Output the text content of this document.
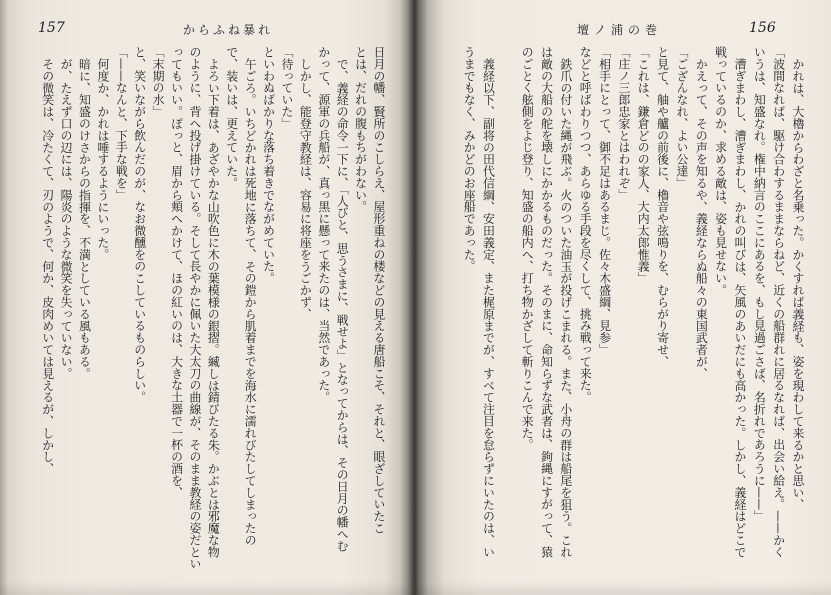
157	からふね暴れ
日月の幡、賢所のこしらえ、屋形重ねの楼などの見える唐船こそ、それと、眼ざしていたこ
とは、だれの腹もちがわない。
で、義経の命令一下に、「人びと、思うさまに、戦せよ」となってからは、その日月の幡へむ
かって、源軍の兵船が、真っ黒に懸って来たのは、当然であった。
しかし、能登守教経は、容易に将座をうごかず、
「待っていた」
といわぬばかりな落ち着きでながめていた。
午ごろ。いちどかれは死地に落ちて、その鎧から肌着までを海水に濡れびたしてしまったの
で、装いは、更えていた。
よろい下着は、あざやかな山吹色に木の葉模様の銀摺。縅しは錆びたる朱。かぶとは邪魔な物
のように、背へ投げ掛けている。そして長やかに佩いた大太刀の曲線が、そのまま教経の姿だとい
ってもいい。ぽっと、眉から頬へかけて、ほの紅いのは、大きな土器で一杯の酒を、
「末期の水」
と、笑いながら飲んだのが、なお微醺をのこしているものらしい。
「——なんと、下手な戦を」
何度か、かれは唾するようにいった。
暗に、知盛のけさからの指揮を、不満としている風もある。
が、たえず口の辺には、陽炎のような微笑を失っていない。
その微笑は、冷たくて、刃のようで、何か、皮肉めいては見えるが、しかし、
壇ノ浦の巻	156
かれは、大櫓からわざと名乗った。かくすれば義経も、姿を現わして来るかと思い、
「波間なれば、駆け合わするままならねど、近くの船群れに居るなれば、出会い給え。——かく
いうは、知盛なれ。権中納言のここにあるを、もし見過ごさば、名折れであろうに——」
漕ぎまわし、漕ぎまわし、かれの叫びは、矢風のあいだにも高かった。しかし、義経はどこで
戦っているのか、求める敵は、姿も見せない。
かえって、その声を知るや、義経ならぬ船々の東国武者が、
「ござんなれ、よい公達」
と見て、舳や艫の前後に、櫓音や弦鳴りを、むらがり寄せ、
「これは、鎌倉どのの家人、大内太郎惟義」
「庄ノ三郎忠家とはわれぞ」
「相手にとって、御不足はあるまじ。佐々木盛綱、見参」
などと呼ばわりつつ、あらゆる手段を尽くして、挑み戦って来た。
鉄爪の付いた縄が飛ぶ。火のついた油玉が投げこまれる。また、小舟の群は船尾を狙う。これ
は敵の大船の舵を壊しにかかるものだった。そのまに、命知らずな武者は、鉤縄にすがって、猿
のごとく舷側をよじ登り、知盛の船内へ、打ち物かざして斬りこんで来た。
義経以下、副将の田代信綱、安田義定、また梶原までが、すべて注目を怠らずにいたのは、い
うまでもなく、みかどのお座船であった。
